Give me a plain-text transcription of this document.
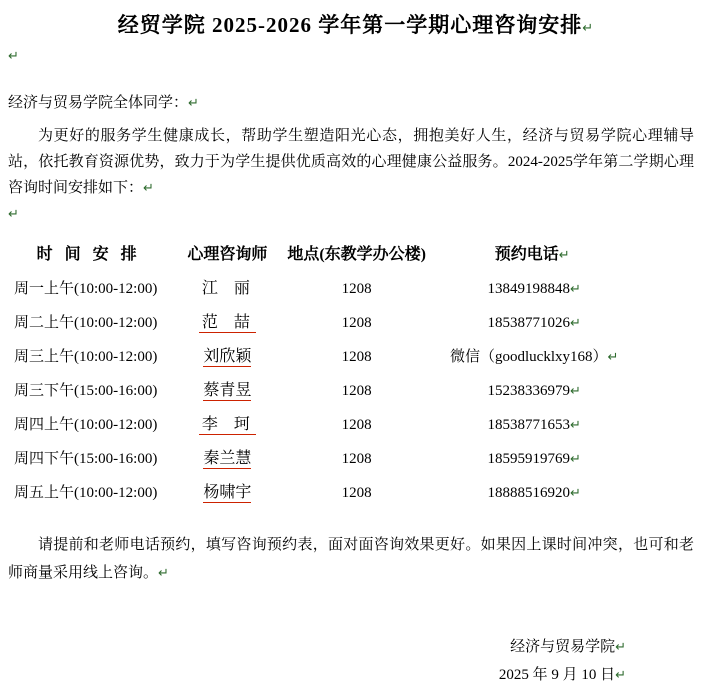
经贸学院 2025-2026 学年第一学期心理咨询安排↵
↵
经济与贸易学院全体同学：↵
为更好的服务学生健康成长，帮助学生塑造阳光心态，拥抱美好人生，经济与贸易学院心理辅导站，依托教育资源优势，致力于为学生提供优质高效的心理健康公益服务。2024-2025学年第二学期心理咨询时间安排如下：↵
↵
时 间 安 排	心理咨询师	地点(东教学办公楼)	预约电话↵
周一上午(10:00-12:00)	江 丽	1208	13849198848↵
周二上午(10:00-12:00)	范 喆	1208	18538771026↵
周三上午(10:00-12:00)	刘欣颖	1208	微信（goodlucklxy168）↵
周三下午(15:00-16:00)	蔡青昱	1208	15238336979↵
周四上午(10:00-12:00)	李 珂	1208	18538771653↵
周四下午(15:00-16:00)	秦兰慧	1208	18595919769↵
周五上午(10:00-12:00)	杨啸宇	1208	18888516920↵
请提前和老师电话预约，填写咨询预约表，面对面咨询效果更好。如果因上课时间冲突，也可和老师商量采用线上咨询。↵
经济与贸易学院↵
2025 年 9 月 10 日↵
